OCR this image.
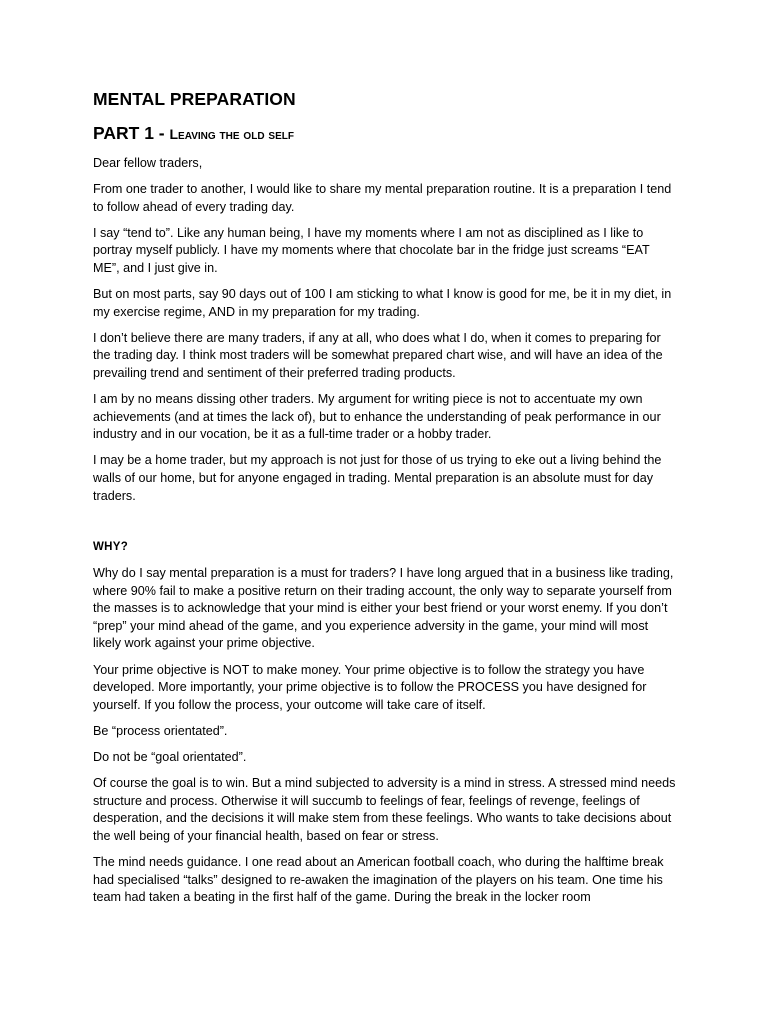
MENTAL PREPARATION
PART 1 - Leaving the old self

Dear fellow traders,

From one trader to another, I would like to share my mental preparation routine. It is a preparation I tend to follow ahead of every trading day.

I say “tend to”. Like any human being, I have my moments where I am not as disciplined as I like to portray myself publicly. I have my moments where that chocolate bar in the fridge just screams “EAT ME”, and I just give in.

But on most parts, say 90 days out of 100 I am sticking to what I know is good for me, be it in my diet, in my exercise regime, AND in my preparation for my trading.

I don’t believe there are many traders, if any at all, who does what I do, when it comes to preparing for the trading day. I think most traders will be somewhat prepared chart wise, and will have an idea of the prevailing trend and sentiment of their preferred trading products.

I am by no means dissing other traders. My argument for writing piece is not to accentuate my own achievements (and at times the lack of), but to enhance the understanding of peak performance in our industry and in our vocation, be it as a full-time trader or a hobby trader.

I may be a home trader, but my approach is not just for those of us trying to eke out a living behind the walls of our home, but for anyone engaged in trading. Mental preparation is an absolute must for day traders.

WHY?

Why do I say mental preparation is a must for traders? I have long argued that in a business like trading, where 90% fail to make a positive return on their trading account, the only way to separate yourself from the masses is to acknowledge that your mind is either your best friend or your worst enemy. If you don’t “prep” your mind ahead of the game, and you experience adversity in the game, your mind will most likely work against your prime objective.

Your prime objective is NOT to make money. Your prime objective is to follow the strategy you have developed. More importantly, your prime objective is to follow the PROCESS you have designed for yourself. If you follow the process, your outcome will take care of itself.

Be “process orientated”.

Do not be “goal orientated”.

Of course the goal is to win. But a mind subjected to adversity is a mind in stress. A stressed mind needs structure and process. Otherwise it will succumb to feelings of fear, feelings of revenge, feelings of desperation, and the decisions it will make stem from these feelings. Who wants to take decisions about the well being of your financial health, based on fear or stress.

The mind needs guidance. I one read about an American football coach, who during the halftime break had specialised “talks” designed to re-awaken the imagination of the players on his team. One time his team had taken a beating in the first half of the game. During the break in the locker room
